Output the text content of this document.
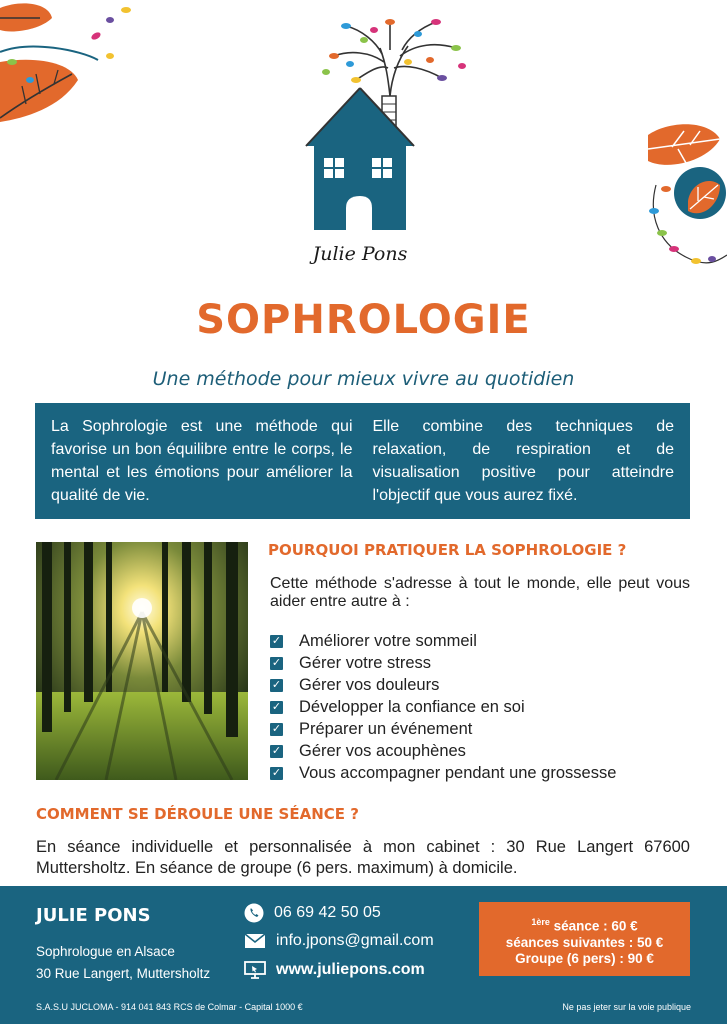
Julie Pons
SOPHROLOGIE
Une méthode pour mieux vivre au quotidien

La Sophrologie est une méthode qui favorise un bon équilibre entre le corps, le mental et les émotions pour améliorer la qualité de vie.

Elle combine des techniques de relaxation, de respiration et de visualisation positive pour atteindre l'objectif que vous aurez fixé.

POURQUOI PRATIQUER LA SOPHROLOGIE ?

Cette méthode s'adresse à tout le monde, elle peut vous aider entre autre à :

✓ Améliorer votre sommeil
✓ Gérer votre stress
✓ Gérer vos douleurs
✓ Développer la confiance en soi
✓ Préparer un événement
✓ Gérer vos acouphènes
✓ Vous accompagner pendant une grossesse
COMMENT SE DÉROULE UNE SÉANCE ?

En séance individuelle et personnalisée à mon cabinet : 30 Rue Langert 67600 Muttersholtz. En séance de groupe (6 pers. maximum) à domicile.

JULIE PONS
Sophrologue en Alsace
30 Rue Langert, Muttersholtz
06 69 42 50 05
info.jpons@gmail.com
www.juliepons.com
$^{1ère}$ séance : 60 €
séances suivantes : 50 €
Groupe (6 pers) : 90 €
S.A.S.U JUCLOMA - 914 041 843 RCS de Colmar - Capital 1000 €	Ne pas jeter sur la voie publique
